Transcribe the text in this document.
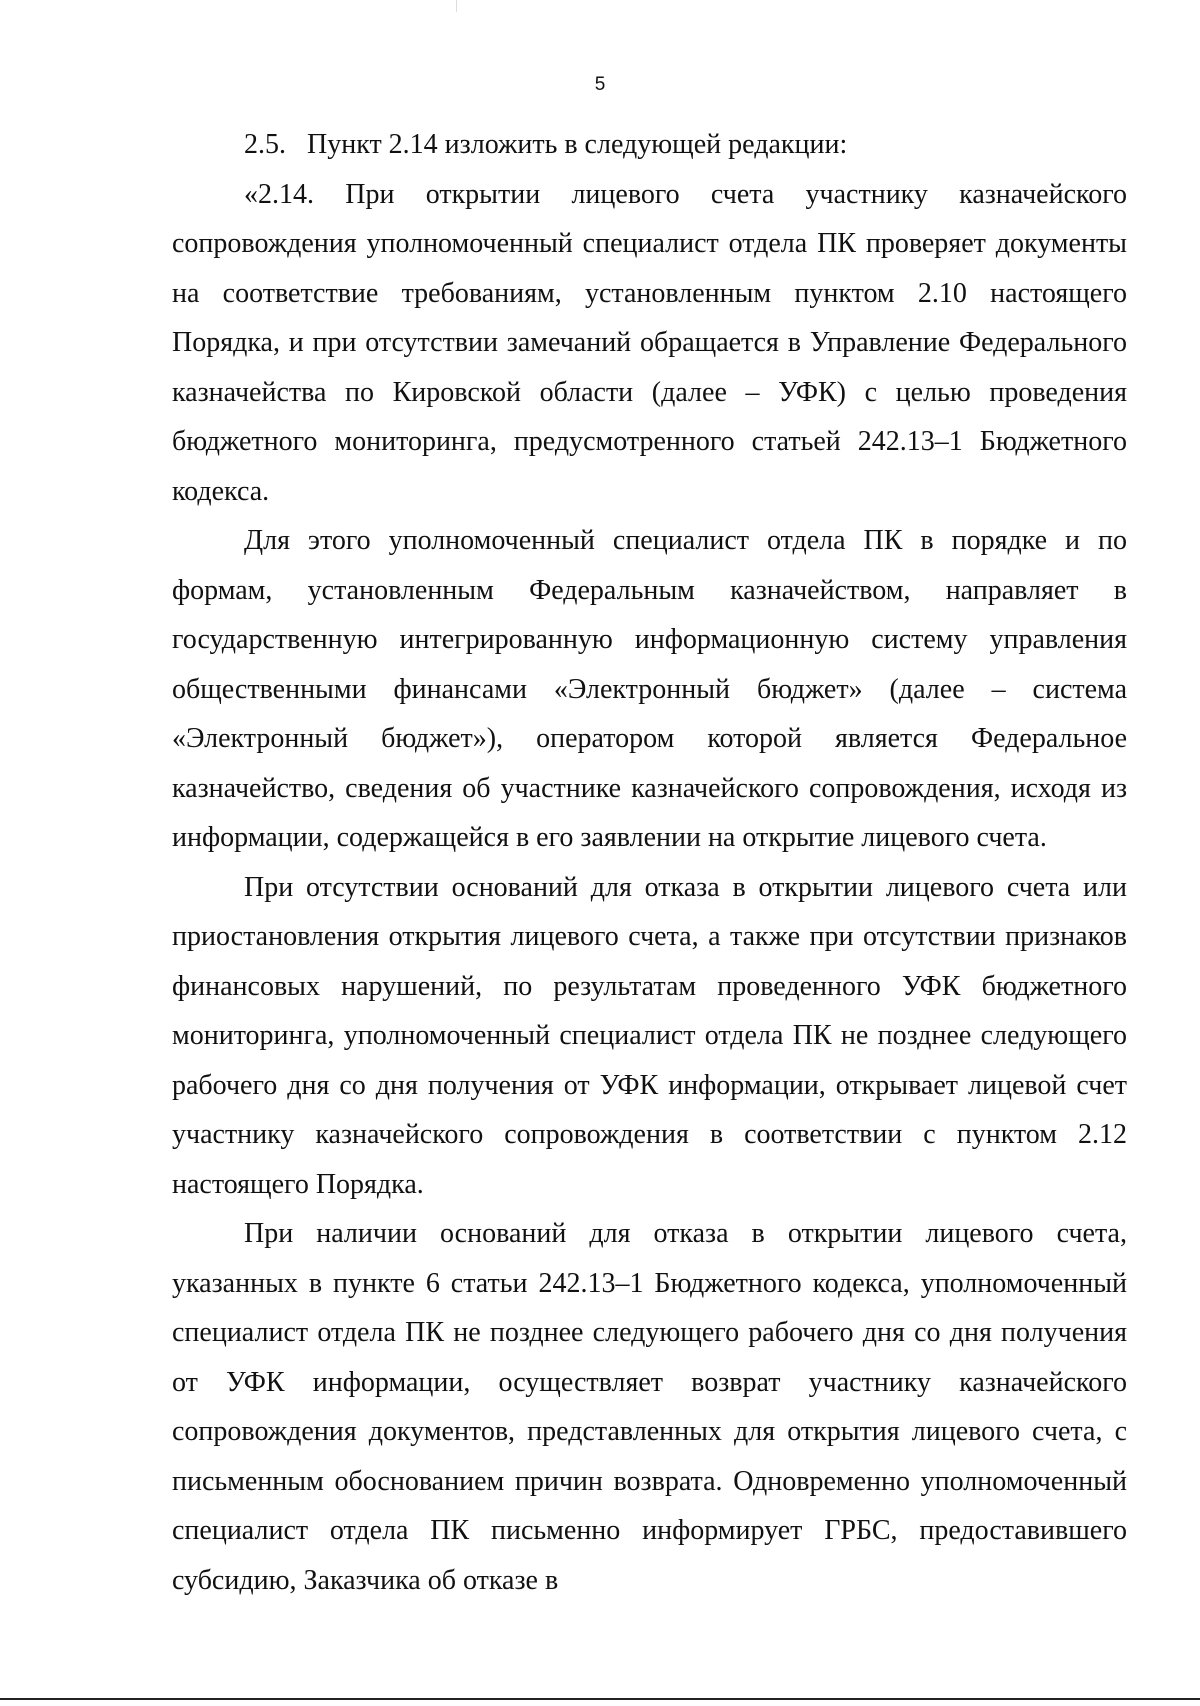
5

2.5.   Пункт 2.14 изложить в следующей редакции:

«2.14. При открытии лицевого счета участнику казначейского сопровождения уполномоченный специалист отдела ПК проверяет документы на соответствие требованиям, установленным пунктом 2.10 настоящего Порядка, и при отсутствии замечаний обращается в Управление Федерального казначейства по Кировской области (далее – УФК) с целью проведения бюджетного мониторинга, предусмотренного статьей 242.13–1 Бюджетного кодекса.

Для этого уполномоченный специалист отдела ПК в порядке и по формам, установленным Федеральным казначейством, направляет в государственную интегрированную информационную систему управления общественными финансами «Электронный бюджет» (далее – система «Электронный бюджет»), оператором которой является Федеральное казначейство, сведения об участнике казначейского сопровождения, исходя из информации, содержащейся в его заявлении на открытие лицевого счета.

При отсутствии оснований для отказа в открытии лицевого счета или приостановления открытия лицевого счета, а также при отсутствии признаков финансовых нарушений, по результатам проведенного УФК бюджетного мониторинга, уполномоченный специалист отдела ПК не позднее следующего рабочего дня со дня получения от УФК информации, открывает лицевой счет участнику казначейского сопровождения в соответствии с пунктом 2.12 настоящего Порядка.

При наличии оснований для отказа в открытии лицевого счета, указанных в пункте 6 статьи 242.13–1 Бюджетного кодекса, уполномоченный специалист отдела ПК не позднее следующего рабочего дня со дня получения от УФК информации, осуществляет возврат участнику казначейского сопровождения документов, представленных для открытия лицевого счета, с письменным обоснованием причин возврата. Одновременно уполномоченный специалист отдела ПК письменно информирует ГРБС, предоставившего субсидию, Заказчика об отказе в
